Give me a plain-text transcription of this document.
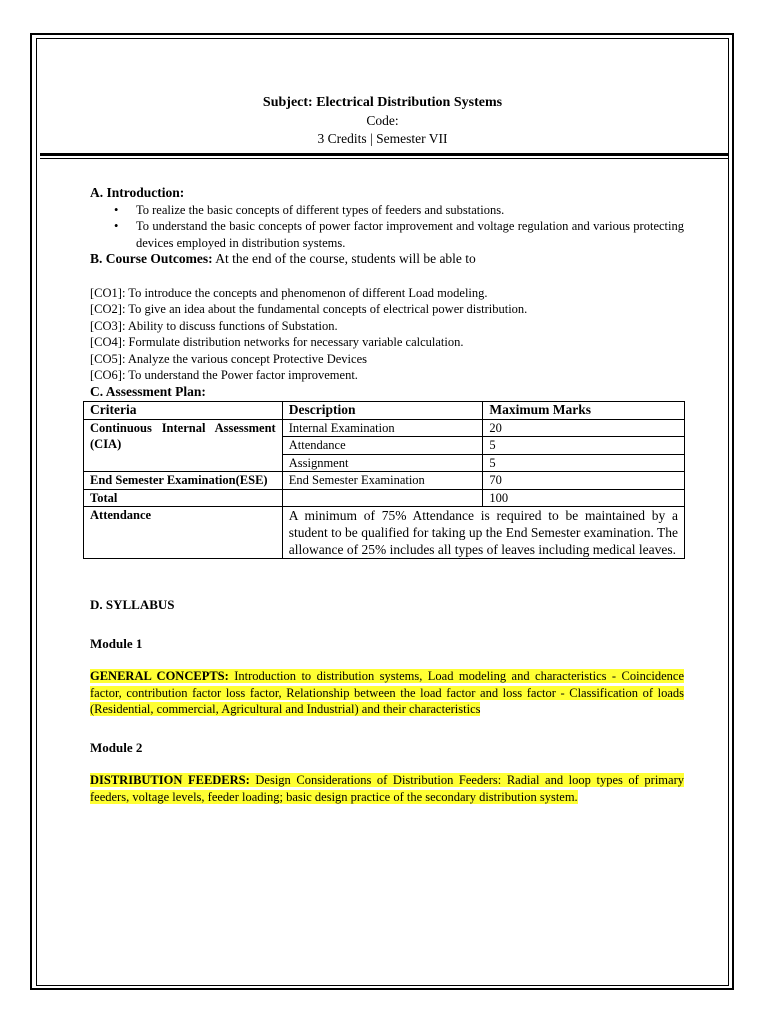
Subject: Electrical Distribution Systems
Code:
3 Credits | Semester VII
A. Introduction:
• To realize the basic concepts of different types of feeders and substations.
• To understand the basic concepts of power factor improvement and voltage regulation and various protecting devices employed in distribution systems.
B. Course Outcomes: At the end of the course, students will be able to
[CO1]: To introduce the concepts and phenomenon of different Load modeling.
[CO2]: To give an idea about the fundamental concepts of electrical power distribution.
[CO3]: Ability to discuss functions of Substation.
[CO4]: Formulate distribution networks for necessary variable calculation.
[CO5]: Analyze the various concept Protective Devices
[CO6]: To understand the Power factor improvement.
C. Assessment Plan:
Criteria	Description	Maximum Marks

Continuous Internal Assessment (CIA)	Internal Examination	20
	Attendance	5
	Assignment	5

End Semester Examination(ESE)	End Semester Examination	70
Total		100
Attendance	A minimum of 75% Attendance is required to be maintained by a student to be qualified for taking up the End Semester examination. The allowance of 25% includes all types of leaves including medical leaves.	
D. SYLLABUS
Module 1
GENERAL CONCEPTS: Introduction to distribution systems, Load modeling and characteristics - Coincidence factor, contribution factor loss factor, Relationship between the load factor and loss factor - Classification of loads (Residential, commercial, Agricultural and Industrial) and their characteristics
Module 2
DISTRIBUTION FEEDERS: Design Considerations of Distribution Feeders: Radial and loop types of primary feeders, voltage levels, feeder loading; basic design practice of the secondary distribution system.
